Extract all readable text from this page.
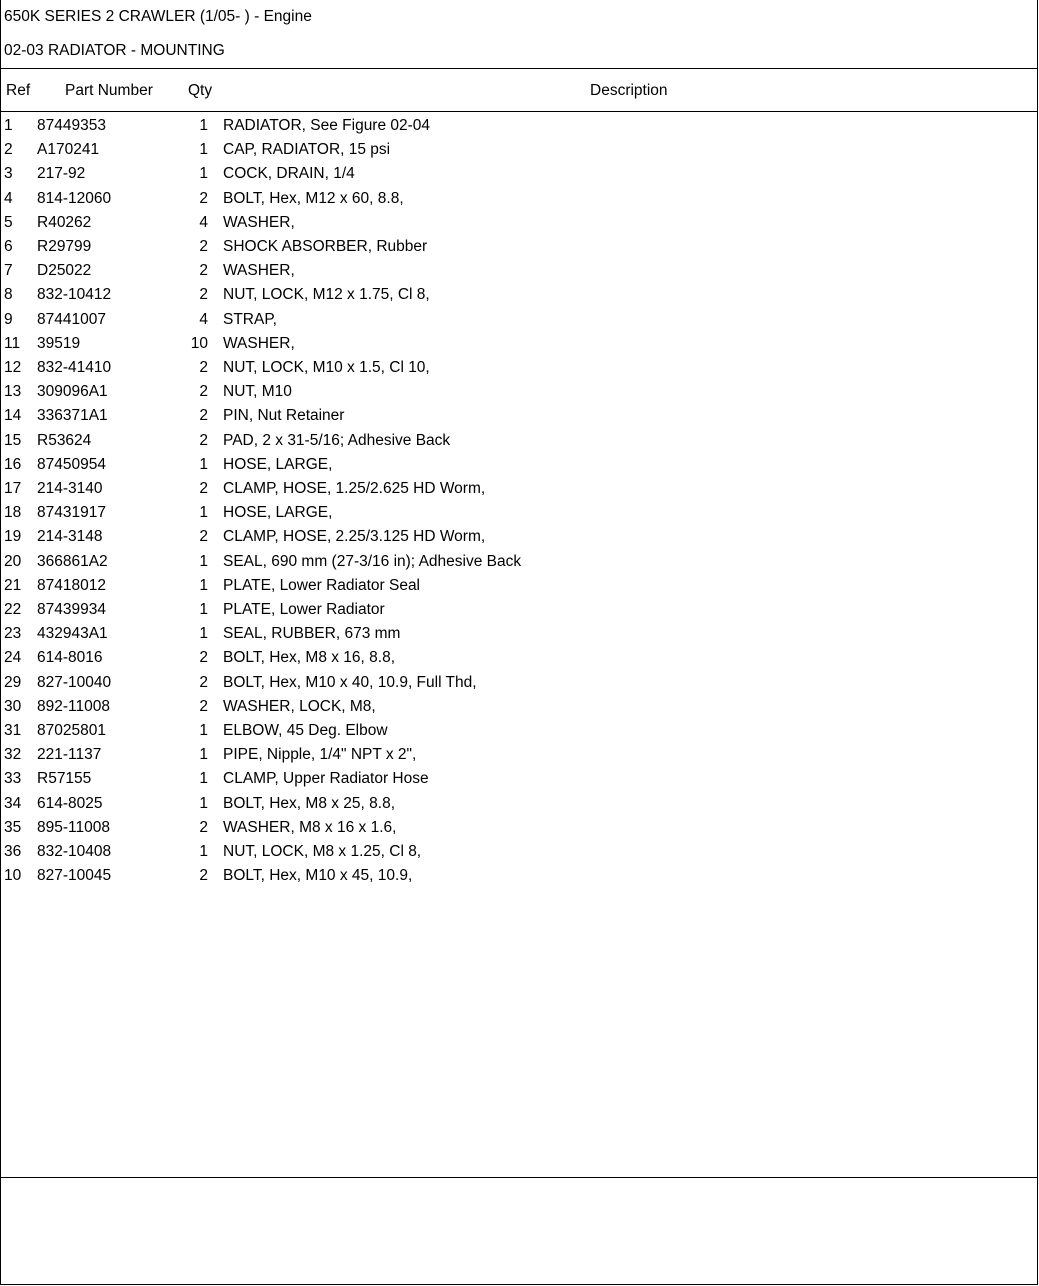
650K SERIES 2 CRAWLER (1/05- ) - Engine
02-03 RADIATOR - MOUNTING
Ref Part Number Qty	Description
1 87449353	1 RADIATOR, See Figure 02-04
2 A170241	1 CAP, RADIATOR, 15 psi
3 217-92	1 COCK, DRAIN, 1/4
4 814-12060	2 BOLT, Hex, M12 x 60, 8.8,
5 R40262	4 WASHER,
6 R29799	2 SHOCK ABSORBER, Rubber
7 D25022	2 WASHER,
8 832-10412	2 NUT, LOCK, M12 x 1.75, Cl 8,
9 87441007	4 STRAP,
11 39519	10 WASHER,
12 832-41410	2 NUT, LOCK, M10 x 1.5, Cl 10,
13 309096A1	2 NUT, M10
14 336371A1	2 PIN, Nut Retainer
15 R53624	2 PAD, 2 x 31-5/16; Adhesive Back
16 87450954	1 HOSE, LARGE,
17 214-3140	2 CLAMP, HOSE, 1.25/2.625 HD Worm,
18 87431917	1 HOSE, LARGE,
19 214-3148	2 CLAMP, HOSE, 2.25/3.125 HD Worm,
20 366861A2	1 SEAL, 690 mm (27-3/16 in); Adhesive Back
21 87418012	1 PLATE, Lower Radiator Seal
22 87439934	1 PLATE, Lower Radiator
23 432943A1	1 SEAL, RUBBER, 673 mm
24 614-8016	2 BOLT, Hex, M8 x 16, 8.8,
29 827-10040	2 BOLT, Hex, M10 x 40, 10.9, Full Thd,
30 892-11008	2 WASHER, LOCK, M8,
31 87025801	1 ELBOW, 45 Deg. Elbow
32 221-1137	1 PIPE, Nipple, 1/4" NPT x 2",
33 R57155	1 CLAMP, Upper Radiator Hose
34 614-8025	1 BOLT, Hex, M8 x 25, 8.8,
35 895-11008	2 WASHER, M8 x 16 x 1.6,
36 832-10408	1 NUT, LOCK, M8 x 1.25, Cl 8,
10 827-10045	2 BOLT, Hex, M10 x 45, 10.9,
